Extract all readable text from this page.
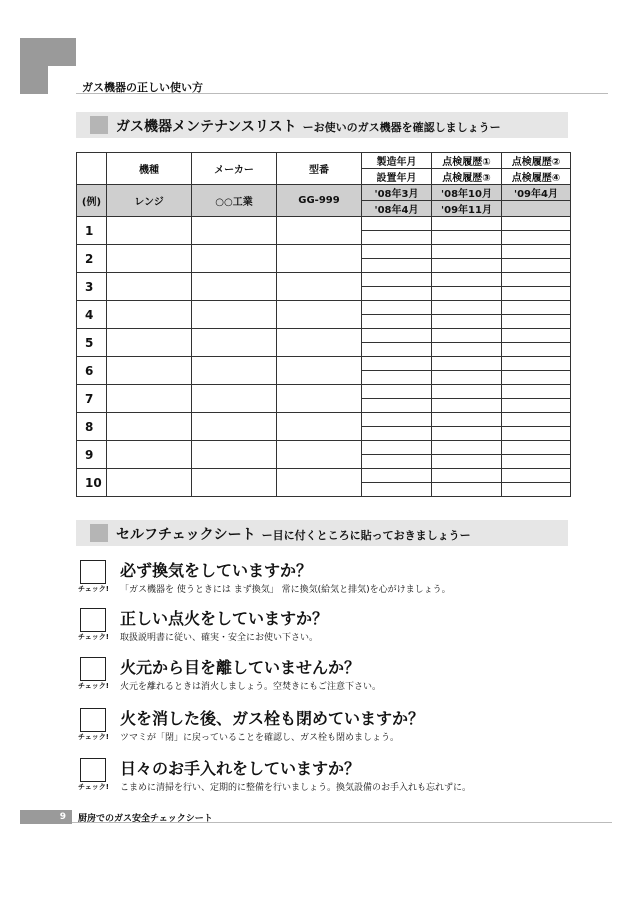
ガス機器の正しい使い方
ガス機器メンテナンスリスト ーお使いのガス機器を確認しましょうー
	機種	メーカー	型番	製造年月	点検履歴①	点検履歴②
				設置年月	点検履歴③	点検履歴④
(例)	レンジ	○○工業	GG-999	'08年3月	'08年10月	'09年4月
				'08年4月	'09年11月	
1						

2						

3						

4						

5						

6						

7						

8						

9						

10						

セルフチェックシート ー目に付くところに貼っておきましょうー
チェック!
必ず換気をしていますか？
「ガス機器を 使うときには まず換気」 常に換気(給気と排気)を心がけましょう。
チェック!
正しい点火をしていますか？
取扱説明書に従い、確実・安全にお使い下さい。
チェック!
火元から目を離していませんか？
火元を離れるときは消火しましょう。空焚きにもご注意下さい。
チェック!
火を消した後、ガス栓も閉めていますか？
ツマミが「閉」に戻っていることを確認し、ガス栓も閉めましょう。
チェック!
日々のお手入れをしていますか？
こまめに清掃を行い、定期的に整備を行いましょう。換気設備のお手入れも忘れずに。
9	厨房でのガス安全チェックシート
